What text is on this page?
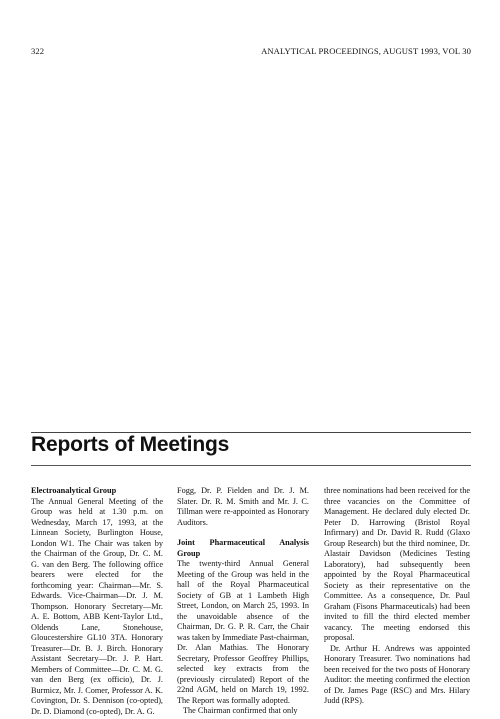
322	ANALYTICAL PROCEEDINGS, AUGUST 1993, VOL 30
Reports of Meetings
Electroanalytical Group

The Annual General Meeting of the Group was held at 1.30 p.m. on Wednesday, March 17, 1993, at the Linnean Society, Burlington House, London W1. The Chair was taken by the Chairman of the Group, Dr. C. M. G. van den Berg. The following office bearers were elected for the forthcoming year: Chairman—Mr. S. Edwards. Vice-Chairman—Dr. J. M. Thompson. Honorary Secretary—Mr. A. E. Bottom, ABB Kent-Taylor Ltd., Oldends Lane, Stonehouse, Gloucestershire GL10 3TA. Honorary Treasurer—Dr. B. J. Birch. Honorary Assistant Secretary—Dr. J. P. Hart. Members of Committee—Dr. C. M. G. van den Berg (ex officio), Dr. J. Burmicz, Mr. J. Comer, Professor A. K. Covington, Dr. S. Dennison (co-opted), Dr. D. Diamond (co-opted), Dr. A. G.

Fogg, Dr. P. Fielden and Dr. J. M. Slater. Dr. R. M. Smith and Mr. J. C. Tillman were re-appointed as Honorary Auditors.

Joint Pharmaceutical Analysis Group

The twenty-third Annual General Meeting of the Group was held in the hall of the Royal Pharmaceutical Society of GB at 1 Lambeth High Street, London, on March 25, 1993. In the unavoidable absence of the Chairman, Dr. G. P. R. Carr, the Chair was taken by Immediate Past-chairman, Dr. Alan Mathias. The Honorary Secretary, Professor Geoffrey Phillips, selected key extracts from the (previously circulated) Report of the 22nd AGM, held on March 19, 1992. The Report was formally adopted.

The Chairman confirmed that only

three nominations had been received for the three vacancies on the Committee of Management. He declared duly elected Dr. Peter D. Harrowing (Bristol Royal Infirmary) and Dr. David R. Rudd (Glaxo Group Research) but the third nominee, Dr. Alastair Davidson (Medicines Testing Laboratory), had subsequently been appointed by the Royal Pharmaceutical Society as their representative on the Committee. As a consequence, Dr. Paul Graham (Fisons Pharmaceuticals) had been invited to fill the third elected member vacancy. The meeting endorsed this proposal.

Dr. Arthur H. Andrews was appointed Honorary Treasurer. Two nominations had been received for the two posts of Honorary Auditor: the meeting confirmed the election of Dr. James Page (RSC) and Mrs. Hilary Judd (RPS).
